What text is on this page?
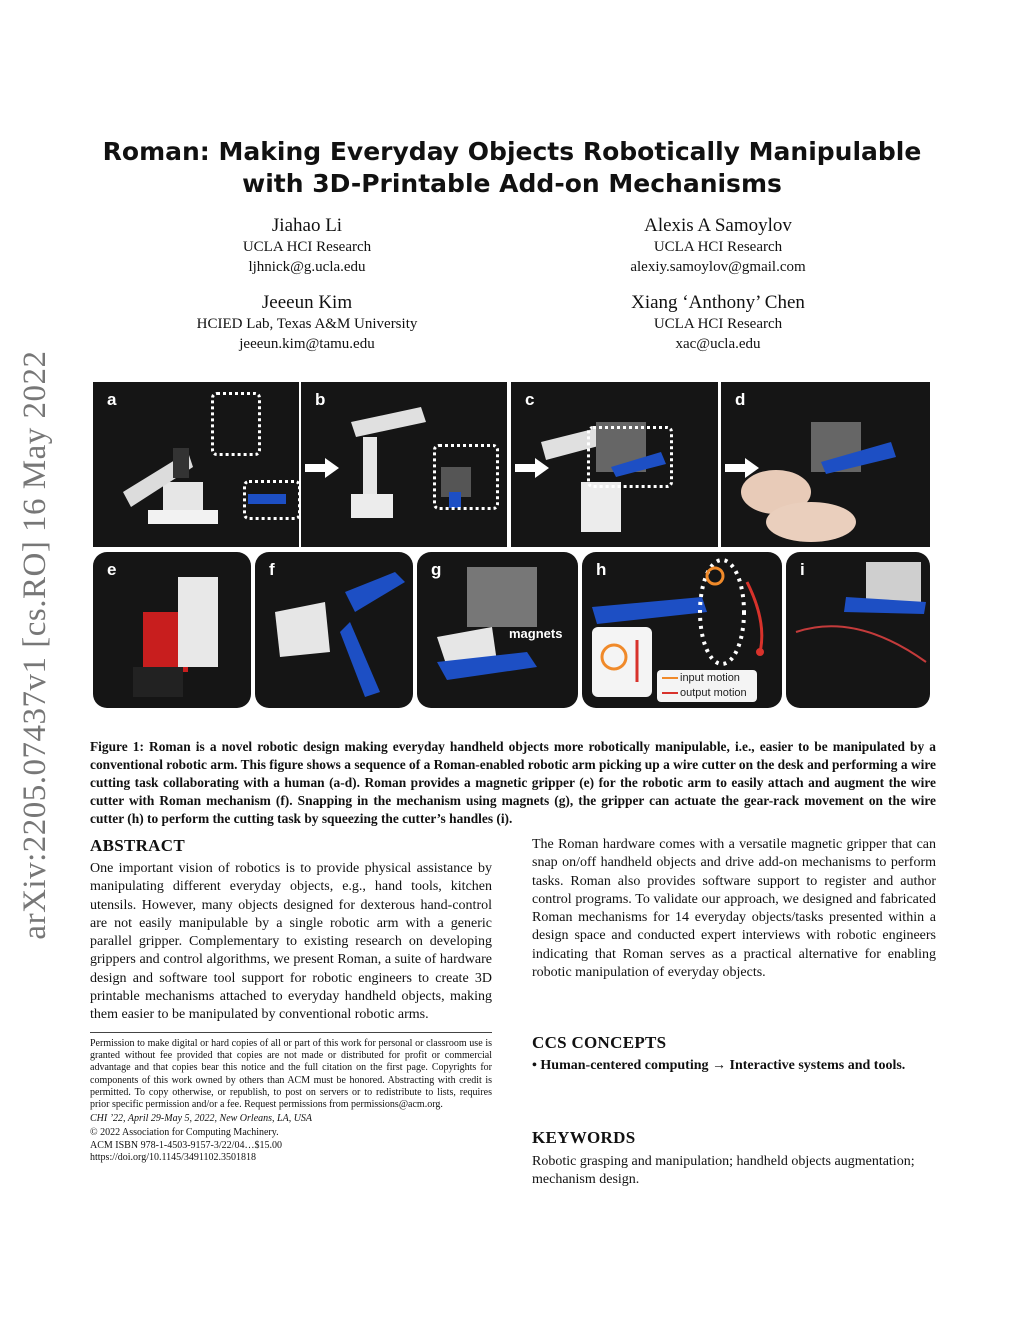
arXiv:2205.07437v1 [cs.RO] 16 May 2022
Roman: Making Everyday Objects Robotically Manipulable with 3D-Printable Add-on Mechanisms
Jiahao Li
UCLA HCI Research
ljhnick@g.ucla.edu
Alexis A Samoylov
UCLA HCI Research
alexiy.samoylov@gmail.com
Jeeeun Kim
HCIED Lab, Texas A&M University
jeeeun.kim@tamu.edu
Xiang ‘Anthony’ Chen
UCLA HCI Research
xac@ucla.edu
a	b	c	d
e	f	g
magnets
h
input motion
output motion
i
Figure 1: Roman is a novel robotic design making everyday handheld objects more robotically manipulable, i.e., easier to be manipulated by a conventional robotic arm. This figure shows a sequence of a Roman-enabled robotic arm picking up a wire cutter on the desk and performing a wire cutting task collaborating with a human (a-d). Roman provides a magnetic gripper (e) for the robotic arm to easily attach and augment the wire cutter with Roman mechanism (f). Snapping in the mechanism using magnets (g), the gripper can actuate the gear-rack movement on the wire cutter (h) to perform the cutting task by squeezing the cutter’s handles (i).
ABSTRACT
One important vision of robotics is to provide physical assistance by manipulating different everyday objects, e.g., hand tools, kitchen utensils. However, many objects designed for dexterous hand-control are not easily manipulable by a single robotic arm with a generic parallel gripper. Complementary to existing research on developing grippers and control algorithms, we present Roman, a suite of hardware design and software tool support for robotic engineers to create 3D printable mechanisms attached to everyday handheld objects, making them easier to be manipulated by conventional robotic arms.
The Roman hardware comes with a versatile magnetic gripper that can snap on/off handheld objects and drive add-on mechanisms to perform tasks. Roman also provides software support to register and author control programs. To validate our approach, we designed and fabricated Roman mechanisms for 14 everyday objects/tasks presented within a design space and conducted expert interviews with robotic engineers indicating that Roman serves as a practical alternative for enabling robotic manipulation of everyday objects.
Permission to make digital or hard copies of all or part of this work for personal or classroom use is granted without fee provided that copies are not made or distributed for profit or commercial advantage and that copies bear this notice and the full citation on the first page. Copyrights for components of this work owned by others than ACM must be honored. Abstracting with credit is permitted. To copy otherwise, or republish, to post on servers or to redistribute to lists, requires prior specific permission and/or a fee. Request permissions from permissions@acm.org.
CHI ’22, April 29-May 5, 2022, New Orleans, LA, USA
© 2022 Association for Computing Machinery.
ACM ISBN 978-1-4503-9157-3/22/04…$15.00
https://doi.org/10.1145/3491102.3501818
CCS CONCEPTS
• Human-centered computing → Interactive systems and tools.
KEYWORDS
Robotic grasping and manipulation; handheld objects augmentation; mechanism design.
